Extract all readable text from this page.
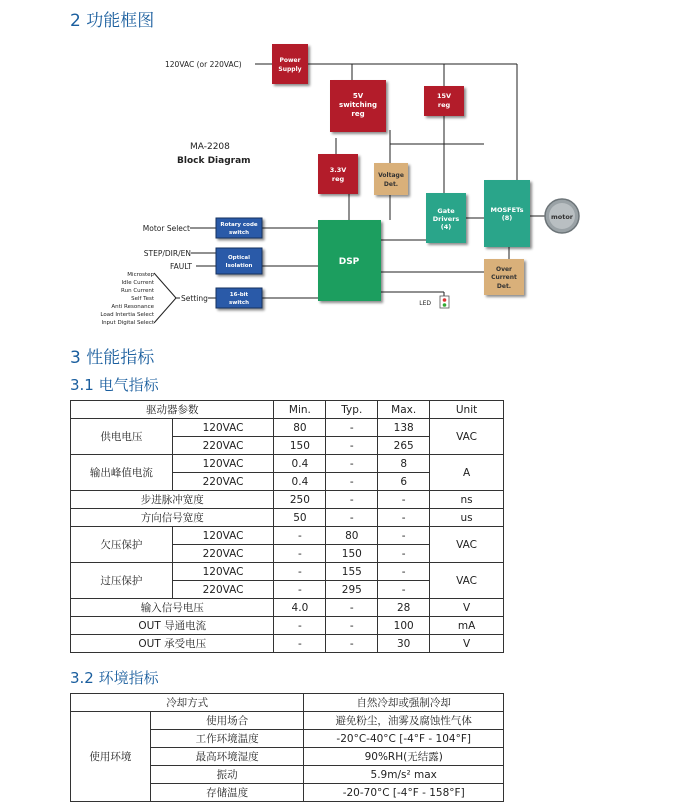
2 功能框图
Power
Supply
5V
switching
reg
15V
reg
3.3V
reg	Voltage
Det.
Over
Current
Det.
Gate
Drivers
(4)
MOSFETs
(8)
DSP
motor
Rotary code
switch
Optical
Isolation
16-bit
switch
120VAC (or 220VAC)
MA-2208
Block Diagram
Motor Select
STEP/DIR/EN
FAULT
Setting
LED
Microstep
Idle Current
Run Current
Self Test
Anti Resonance
Load Intertia Select
Input Digital Select
3 性能指标
3.1 电气指标
驱动器参数		Min.	Typ.	Max.	Unit
供电电压	120VAC	80	-	138	VAC
	220VAC	150	-	265	
输出峰值电流	120VAC	0.4	-	8	A
	220VAC	0.4	-	6	
步进脉冲宽度		250	-	-	ns
方向信号宽度		50	-	-	us
欠压保护	120VAC	-	80	-	VAC
	220VAC	-	150	-	
过压保护	120VAC	-	155	-	VAC
	220VAC	-	295	-	
输入信号电压		4.0	-	28	V
OUT 导通电流		-	-	100	mA
OUT 承受电压		-	-	30	V
3.2 环境指标
冷却方式		自然冷却或强制冷却
使用环境	使用场合	避免粉尘，油雾及腐蚀性气体
	工作环境温度	-20°C-40°C [-4°F - 104°F]
	最高环境湿度	90%RH(无结露)
	振动	5.9m/s² max
	存储温度	-20-70°C [-4°F - 158°F]
